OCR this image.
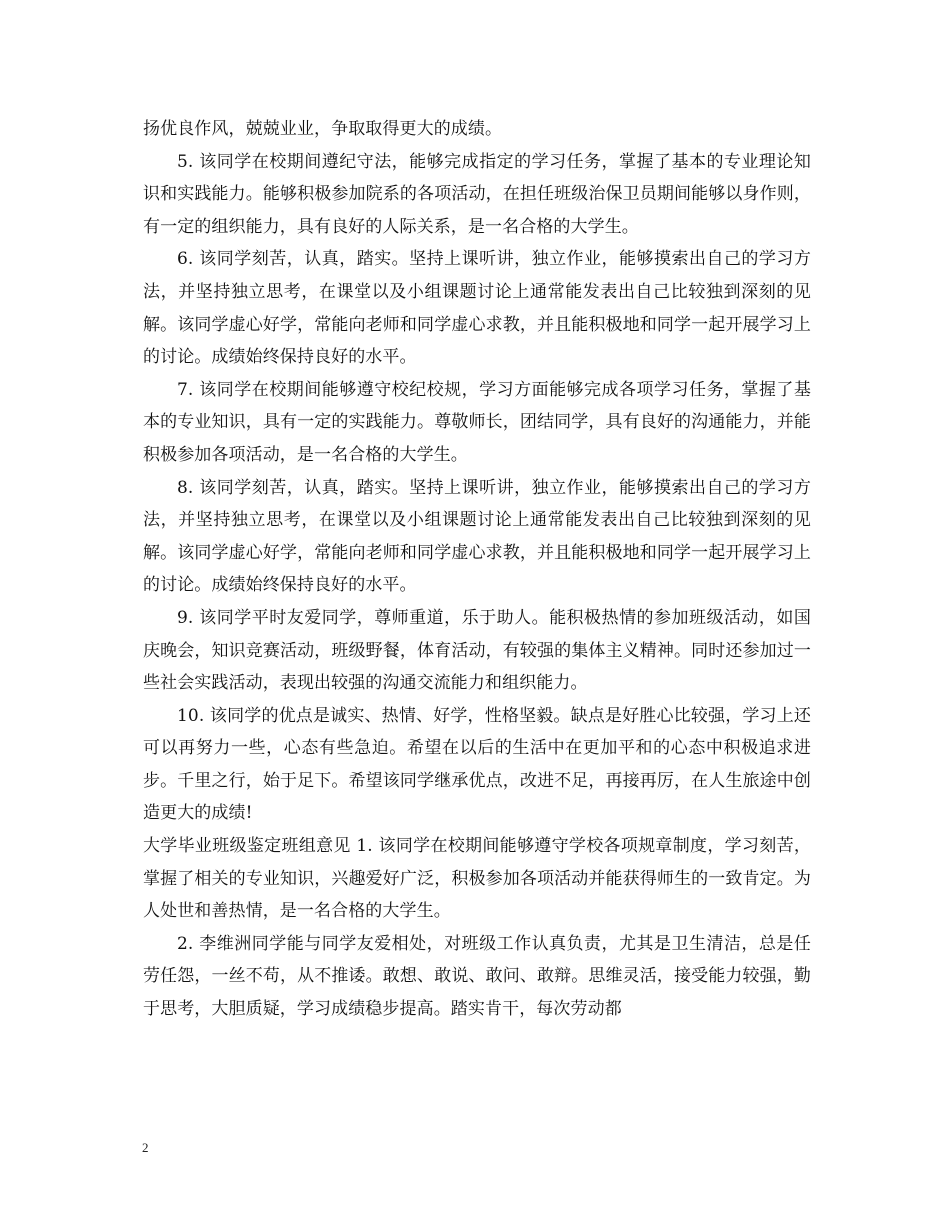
扬优良作风，兢兢业业，争取取得更大的成绩。

5. 该同学在校期间遵纪守法，能够完成指定的学习任务，掌握了基本的专业理论知识和实践能力。能够积极参加院系的各项活动，在担任班级治保卫员期间能够以身作则，有一定的组织能力，具有良好的人际关系，是一名合格的大学生。

6. 该同学刻苦，认真，踏实。坚持上课听讲，独立作业，能够摸索出自己的学习方法，并坚持独立思考，在课堂以及小组课题讨论上通常能发表出自己比较独到深刻的见解。该同学虚心好学，常能向老师和同学虚心求教，并且能积极地和同学一起开展学习上的讨论。成绩始终保持良好的水平。

7. 该同学在校期间能够遵守校纪校规，学习方面能够完成各项学习任务，掌握了基本的专业知识，具有一定的实践能力。尊敬师长，团结同学，具有良好的沟通能力，并能积极参加各项活动，是一名合格的大学生。

8. 该同学刻苦，认真，踏实。坚持上课听讲，独立作业，能够摸索出自己的学习方法，并坚持独立思考，在课堂以及小组课题讨论上通常能发表出自己比较独到深刻的见解。该同学虚心好学，常能向老师和同学虚心求教，并且能积极地和同学一起开展学习上的讨论。成绩始终保持良好的水平。

9. 该同学平时友爱同学，尊师重道，乐于助人。能积极热情的参加班级活动，如国庆晚会，知识竞赛活动，班级野餐，体育活动，有较强的集体主义精神。同时还参加过一些社会实践活动，表现出较强的沟通交流能力和组织能力。

10. 该同学的优点是诚实、热情、好学，性格坚毅。缺点是好胜心比较强，学习上还可以再努力一些，心态有些急迫。希望在以后的生活中在更加平和的心态中积极追求进步。千里之行，始于足下。希望该同学继承优点，改进不足，再接再厉，在人生旅途中创造更大的成绩!

大学毕业班级鉴定班组意见 1. 该同学在校期间能够遵守学校各项规章制度，学习刻苦，掌握了相关的专业知识，兴趣爱好广泛，积极参加各项活动并能获得师生的一致肯定。为人处世和善热情，是一名合格的大学生。

2. 李维洲同学能与同学友爱相处，对班级工作认真负责，尤其是卫生清洁，总是任劳任怨，一丝不苟，从不推诿。敢想、敢说、敢问、敢辩。思维灵活，接受能力较强，勤于思考，大胆质疑，学习成绩稳步提高。踏实肯干，每次劳动都

2
